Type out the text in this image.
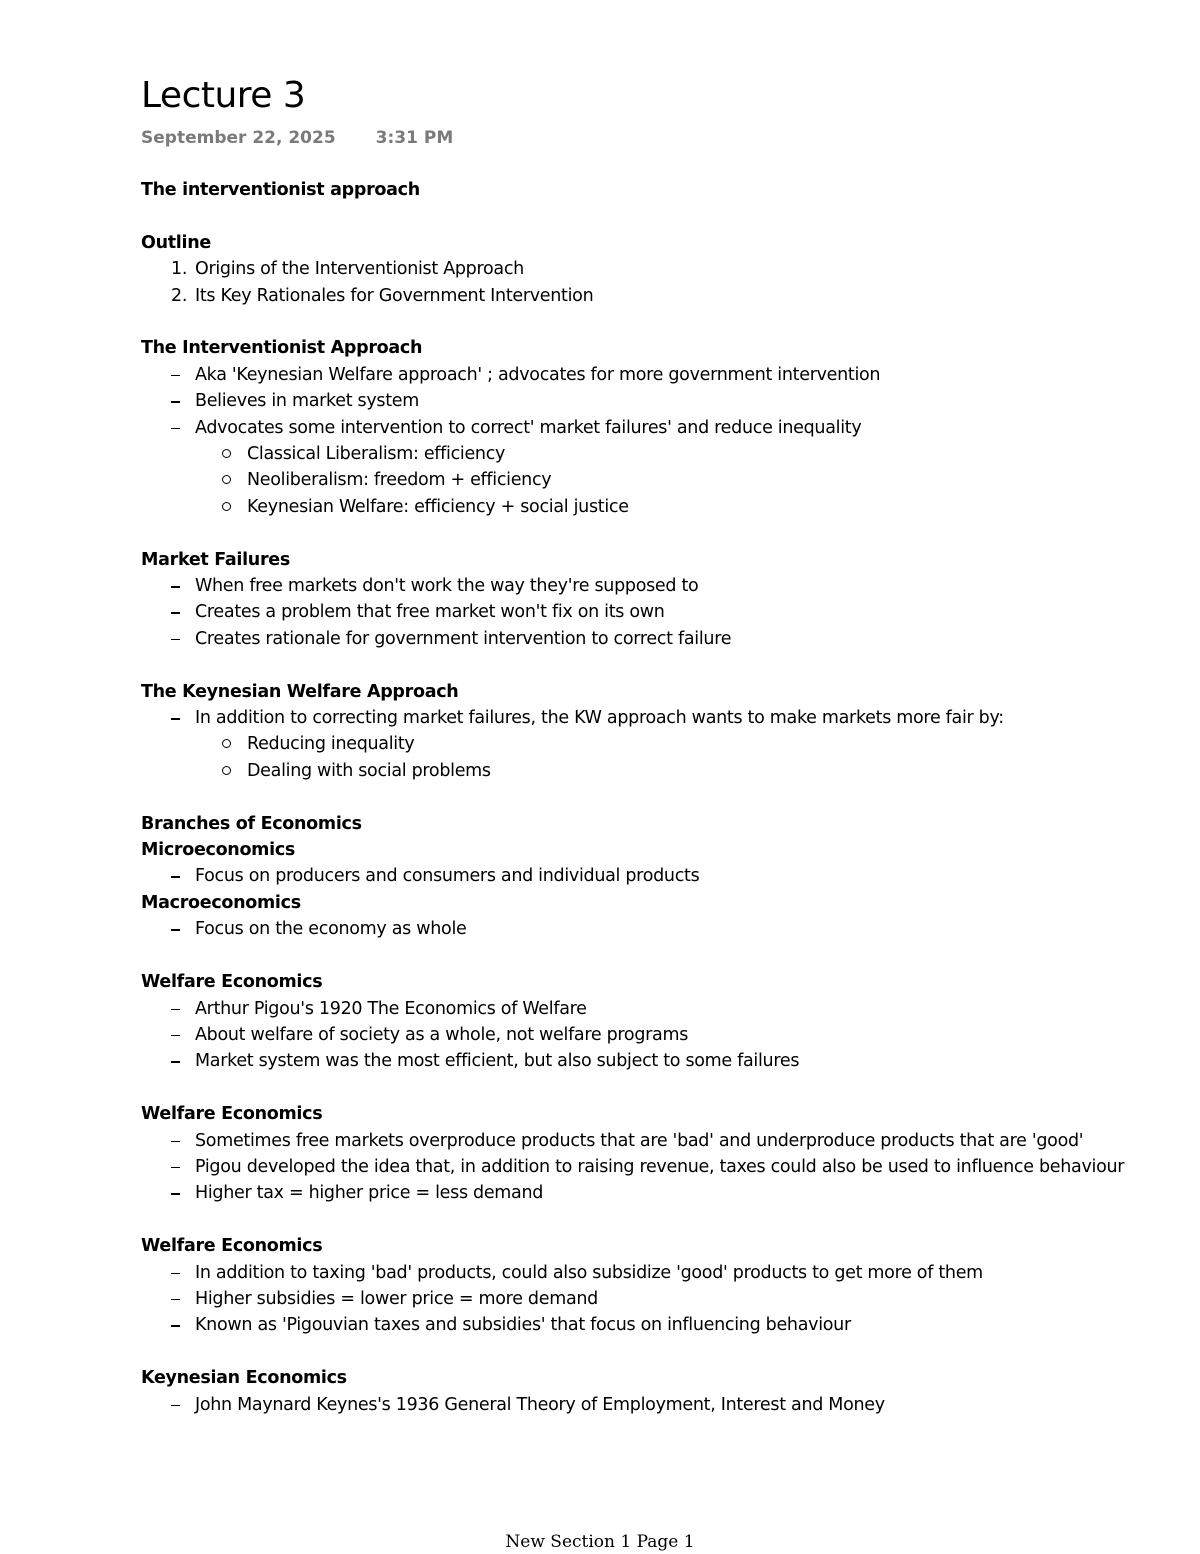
Lecture 3
September 22, 2025 3:31 PM
The interventionist approach
Outline
1. Origins of the Interventionist Approach
2. Its Key Rationales for Government Intervention
The Interventionist Approach
Aka 'Keynesian Welfare approach' ; advocates for more government intervention
Believes in market system
Advocates some intervention to correct' market failures' and reduce inequality
Classical Liberalism: efficiency
Neoliberalism: freedom + efficiency
Keynesian Welfare: efficiency + social justice
Market Failures
When free markets don't work the way they're supposed to
Creates a problem that free market won't fix on its own
Creates rationale for government intervention to correct failure
The Keynesian Welfare Approach
In addition to correcting market failures, the KW approach wants to make markets more fair by:
Reducing inequality
Dealing with social problems
Branches of Economics
Microeconomics
Focus on producers and consumers and individual products
Macroeconomics
Focus on the economy as whole
Welfare Economics
Arthur Pigou's 1920 The Economics of Welfare
About welfare of society as a whole, not welfare programs
Market system was the most efficient, but also subject to some failures
Welfare Economics
Sometimes free markets overproduce products that are 'bad' and underproduce products that are 'good'
Pigou developed the idea that, in addition to raising revenue, taxes could also be used to influence behaviour
Higher tax = higher price = less demand
Welfare Economics
In addition to taxing 'bad' products, could also subsidize 'good' products to get more of them
Higher subsidies = lower price = more demand
Known as 'Pigouvian taxes and subsidies' that focus on influencing behaviour
Keynesian Economics
John Maynard Keynes's 1936 General Theory of Employment, Interest and Money
New Section 1 Page 1
